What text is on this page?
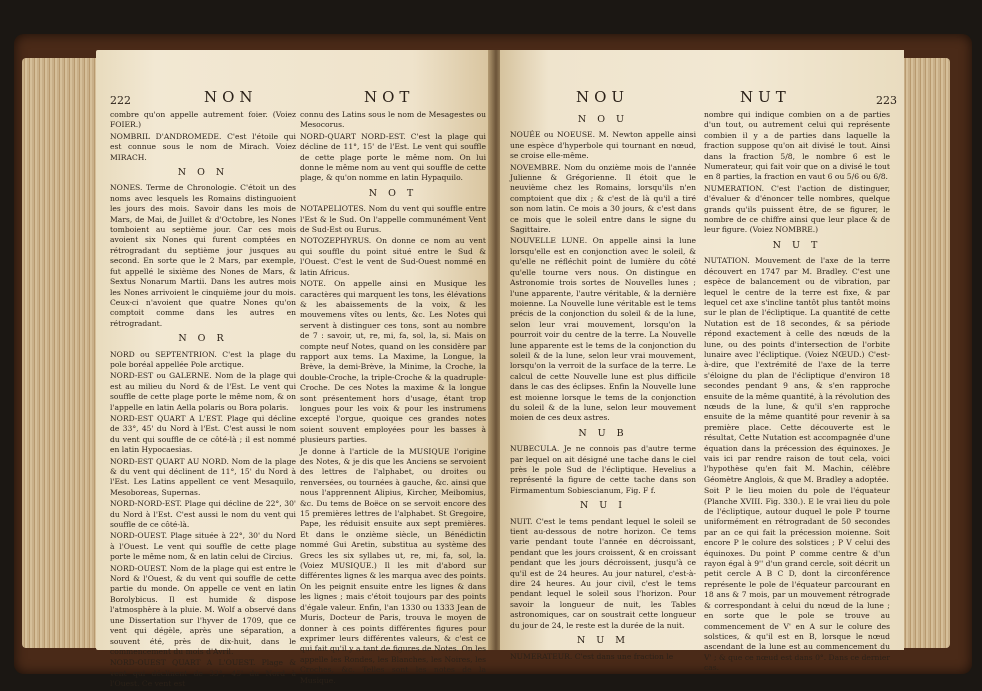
222	NON	NOT

combre qu'on appelle autrement foier. (Voiez FOIER.)

NOMBRIL D'ANDROMEDE. C'est l'étoile qui est connue sous le nom de Mirach. Voiez MIRACH.

N O N

NONES. Terme de Chronologie. C'étoit un des noms avec lesquels les Romains distinguoient les jours des mois. Savoir dans les mois de Mars, de Mai, de Juillet & d'Octobre, les Nones tomboient au septième jour. Car ces mois avoient six Nones qui furent comptées en rétrogradant du septième jour jusques au second. En sorte que le 2 Mars, par exemple, fut appellé le sixième des Nones de Mars, & Sextus Nonarum Martii. Dans les autres mois les Nones arrivoient le cinquième jour du mois. Ceux-ci n'avoient que quatre Nones qu'on comptoit comme dans les autres en rétrogradant.

N O R

NORD ou SEPTENTRION. C'est la plage du pole boréal appellée Pole arctique.

NORD-EST ou GALERNE. Nom de la plage qui est au milieu du Nord & de l'Est. Le vent qui souffle de cette plage porte le même nom, & on l'appelle en latin Aella polaris ou Bora polaris.

NORD-EST QUART A L'EST. Plage qui décline de 33°, 45' du Nord à l'Est. C'est aussi le nom du vent qui souffle de ce côté-là ; il est nommé en latin Hypocaesias.

NORD-EST QUART AU NORD. Nom de la plage & du vent qui déclinent de 11°, 15' du Nord à l'Est. Les Latins appellent ce vent Mesaquilo, Mesoboreas, Supernas.

NORD-NORD-EST. Plage qui décline de 22°, 30' du Nord à l'Est. C'est aussi le nom du vent qui souffle de ce côté-là.

NORD-OUEST. Plage située à 22°, 30' du Nord à l'Ouest. Le vent qui souffle de cette plage porte le même nom, & en latin celui de Circius.

NORD-OUEST. Nom de la plage qui est entre le Nord & l'Ouest, & du vent qui souffle de cette partie du monde. On appelle ce vent en latin Borolybicus. Il est humide & dispose l'atmosphère à la pluie. M. Wolf a observé dans une Dissertation sur l'hyver de 1709, que ce vent qui dégèle, après une séparation, a souvent été, près de dix-huit, dans le commencement du mois d'Avril.

NORD-OUEST QUART A L'OUEST. Plage & vent qui déclinent de 33°, 45' du Nord à l'Ouest. Ce vent est

connu des Latins sous le nom de Mesagestes ou Mesocorus.

NORD-QUART NORD-EST. C'est la plage qui décline de 11°, 15' de l'Est. Le vent qui souffle de cette plage porte le même nom. On lui donne le même nom au vent qui souffle de cette plage, & qu'on nomme en latin Hypaquilo.

N O T

NOTAPELIOTES. Nom du vent qui souffle entre l'Est & le Sud. On l'appelle communément Vent de Sud-Est ou Eurus.

NOTOZEPHYRUS. On donne ce nom au vent qui souffle du point situé entre le Sud & l'Ouest. C'est le vent de Sud-Ouest nommé en latin Africus.

NOTE. On appelle ainsi en Musique les caractères qui marquent les tons, les élévations & les abaissements de la voix, & les mouvemens vîtes ou lents, &c. Les Notes qui servent à distinguer ces tons, sont au nombre de 7 : savoir, ut, re, mi, fa, sol, la, si. Mais on compte neuf Notes, quand on les considère par rapport aux tems. La Maxime, la Longue, la Brève, la demi-Brève, la Minime, la Croche, la double-Croche, la triple-Croche & la quadruple-Croche. De ces Notes la maxime & la longue sont présentement hors d'usage, étant trop longues pour les voix & pour les instrumens excepté l'orgue, quoique ces grandes notes soient souvent employées pour les basses à plusieurs parties.

Je donne à l'article de la MUSIQUE l'origine des Notes, & je dis que les Anciens se servoient des lettres de l'alphabet, ou droites ou renversées, ou tournées à gauche, &c. ainsi que nous l'apprennent Alipius, Kircher, Meibomius, &c. Du tems de Boëce on se servoit encore des 15 premières lettres de l'alphabet. St Gregoire, Pape, les réduisit ensuite aux sept premières. Et dans le onzième siècle, un Bénédictin nommé Gui Aretin, substitua au système des Grecs les six syllabes ut, re, mi, fa, sol, la. (Voiez MUSIQUE.) Il les mit d'abord sur différentes lignes & les marqua avec des points. On les peignit ensuite entre les lignes & dans les lignes ; mais c'étoit toujours par des points d'égale valeur. Enfin, l'an 1330 ou 1333 Jean de Muris, Docteur de Paris, trouva le moyen de donner à ces points différentes figures pour exprimer leurs différentes valeurs, & c'est ce qui fait qu'il y a tant de figures de Notes. On les appelle les Rondes, les Blanches, les Noires, les Croches, &c. Telles sont les notes de la Musique.

NOU	NUT	223
N O U

NOUÉE ou NOEUSE. M. Newton appelle ainsi une espèce d'hyperbole qui tournant en nœud, se croise elle-même.

NOVEMBRE. Nom du onzième mois de l'année Julienne & Grégorienne. Il étoit que le neuvième chez les Romains, lorsqu'ils n'en comptoient que dix ; & c'est de là qu'il a tiré son nom latin. Ce mois a 30 jours, & c'est dans ce mois que le soleil entre dans le signe du Sagittaire.

NOUVELLE LUNE. On appelle ainsi la lune lorsqu'elle est en conjonction avec le soleil, & qu'elle ne réfléchit point de lumière du côté qu'elle tourne vers nous. On distingue en Astronomie trois sortes de Nouvelles lunes ; l'une apparente, l'autre véritable, & la dernière moienne. La Nouvelle lune véritable est le tems précis de la conjonction du soleil & de la lune, selon leur vrai mouvement, lorsqu'on la pourroit voir du centre de la terre. La Nouvelle lune apparente est le tems de la conjonction du soleil & de la lune, selon leur vrai mouvement, lorsqu'on la verroit de la surface de la terre. Le calcul de cette Nouvelle lune est plus difficile dans le cas des éclipses. Enfin la Nouvelle lune est moienne lorsque le tems de la conjonction du soleil & de la lune, selon leur mouvement moien de ces deux astres.

N U B

NUBECULA. Je ne connois pas d'autre terme par lequel on ait désigné une tache dans le ciel près le pole Sud de l'écliptique. Hevelius a représenté la figure de cette tache dans son Firmamentum Sobiescianum, Fig. F f.

N U I

NUIT. C'est le tems pendant lequel le soleil se tient au-dessous de notre horizon. Ce tems varie pendant toute l'année en décroissant, pendant que les jours croissent, & en croissant pendant que les jours décroissent, jusqu'à ce qu'il est de 24 heures. Au jour naturel, c'est-à-dire 24 heures. Au jour civil, c'est le tems pendant lequel le soleil sous l'horizon. Pour savoir la longueur de nuit, les Tables astronomiques, car on soustrait cette longueur du jour de 24, le reste est la durée de la nuit.

N U M

NUMERATEUR. C'est dans une fraction le

nombre qui indique combien on a de parties d'un tout, ou autrement celui qui représente combien il y a de parties dans laquelle la fraction suppose qu'on ait divisé le tout. Ainsi dans la fraction 5/8, le nombre 6 est le Numerateur, qui fait voir que on a divisé le tout en 8 parties, la fraction en vaut 6 ou 5/6 ou 6/8.

NUMERATION. C'est l'action de distinguer, d'évaluer & d'énoncer telle nombres, quelque grands qu'ils puissent être, de se figurer, le nombre de ce chiffre ainsi que leur place & de leur figure. (Voiez NOMBRE.)

N U T

NUTATION. Mouvement de l'axe de la terre découvert en 1747 par M. Bradley. C'est une espèce de balancement ou de vibration, par lequel le centre de la terre est fixe, & par lequel cet axe s'incline tantôt plus tantôt moins sur le plan de l'écliptique. La quantité de cette Nutation est de 18 secondes, & sa période répond exactement à celle des nœuds de la lune, ou des points d'intersection de l'orbite lunaire avec l'écliptique. (Voiez NŒUD.) C'est-à-dire, que l'extrémité de l'axe de la terre s'éloigne du plan de l'écliptique d'environ 18 secondes pendant 9 ans, & s'en rapproche ensuite de la même quantité, à la révolution des nœuds de la lune, & qu'il s'en rapproche ensuite de la même quantité pour revenir à sa première place. Cette découverte est le résultat, Cette Nutation est accompagnée d'une équation dans la précession des équinoxes. Je vais ici par rendre raison de tout cela, voici l'hypothèse qu'en fait M. Machin, célèbre Géomètre Anglois, & que M. Bradley a adoptée.

Soit P le lieu moien du pole de l'équateur (Planche XVIII. Fig. 330.). E le vrai lieu du pole de l'écliptique, autour duquel le pole P tourne uniformément en rétrogradant de 50 secondes par an ce qui fait la précession moienne. Soit encore P le colure des solstices ; P V celui des équinoxes. Du point P comme centre & d'un rayon égal à 9'' d'un grand cercle, soit décrit un petit cercle A B C D, dont la circonférence représente le pole de l'équateur parcourant en 18 ans & 7 mois, par un mouvement rétrograde & correspondant à celui du nœud de la lune ; en sorte que le pole se trouve au commencement de V' en A sur le colure des solstices, & qu'il est en B, lorsque le nœud ascendant de la lune est au commencement du V' ; & que ce nœud est dans 0°. Dans ce dernier cas.
